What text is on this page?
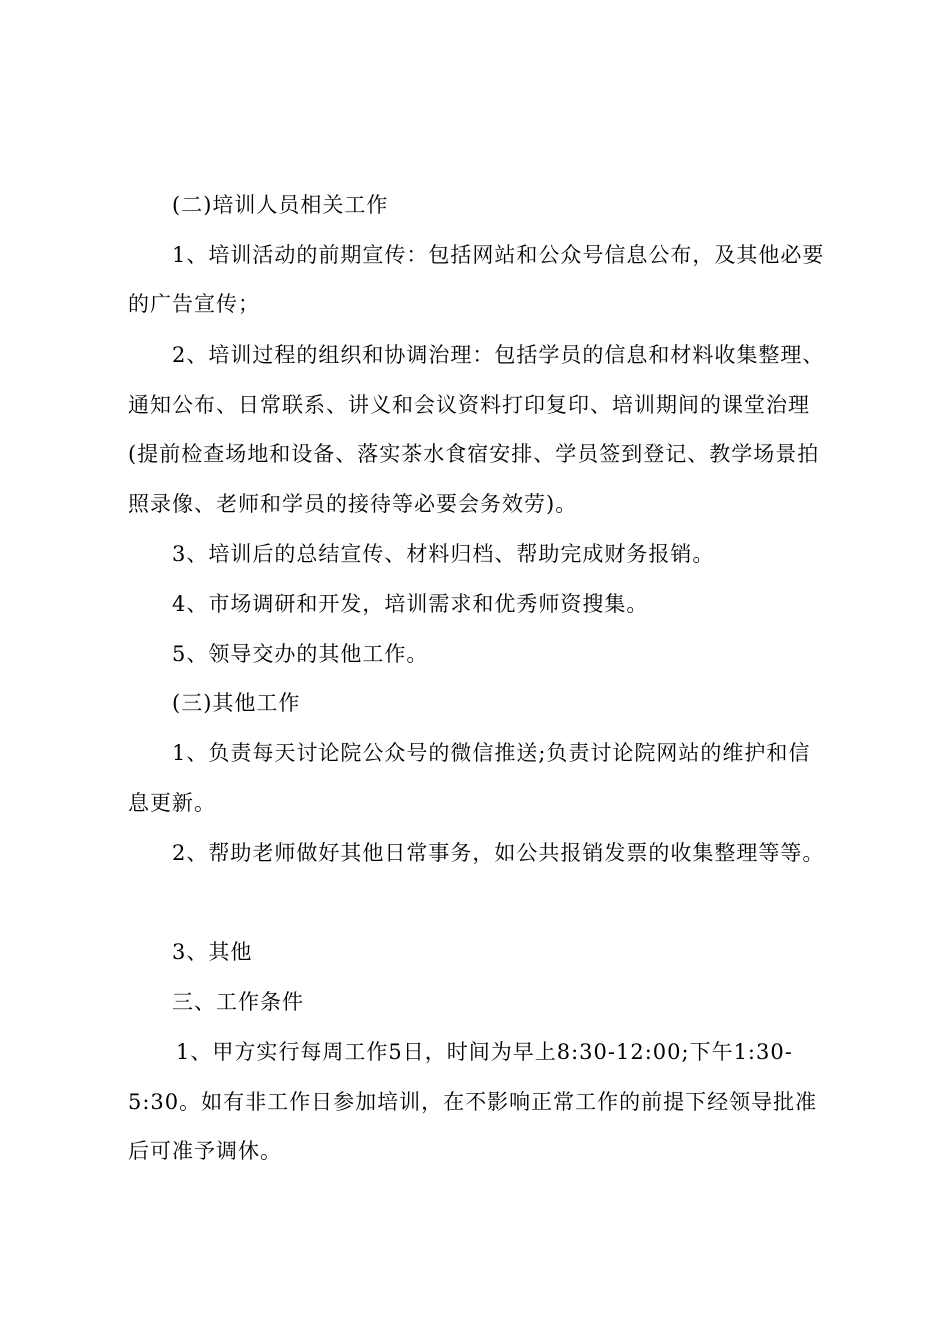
(二)培训人员相关工作
1、培训活动的前期宣传：包括网站和公众号信息公布，及其他必要
的广告宣传；
2、培训过程的组织和协调治理：包括学员的信息和材料收集整理、
通知公布、日常联系、讲义和会议资料打印复印、培训期间的课堂治理
(提前检查场地和设备、落实茶水食宿安排、学员签到登记、教学场景拍
照录像、老师和学员的接待等必要会务效劳)。
3、培训后的总结宣传、材料归档、帮助完成财务报销。
4、市场调研和开发，培训需求和优秀师资搜集。
5、领导交办的其他工作。
(三)其他工作
1、负责每天讨论院公众号的微信推送;负责讨论院网站的维护和信
息更新。
2、帮助老师做好其他日常事务，如公共报销发票的收集整理等等。
3、其他
三、工作条件
1、甲方实行每周工作5日，时间为早上8:30-12:00;下午1:30-
5:30。如有非工作日参加培训，在不影响正常工作的前提下经领导批准
后可准予调休。
